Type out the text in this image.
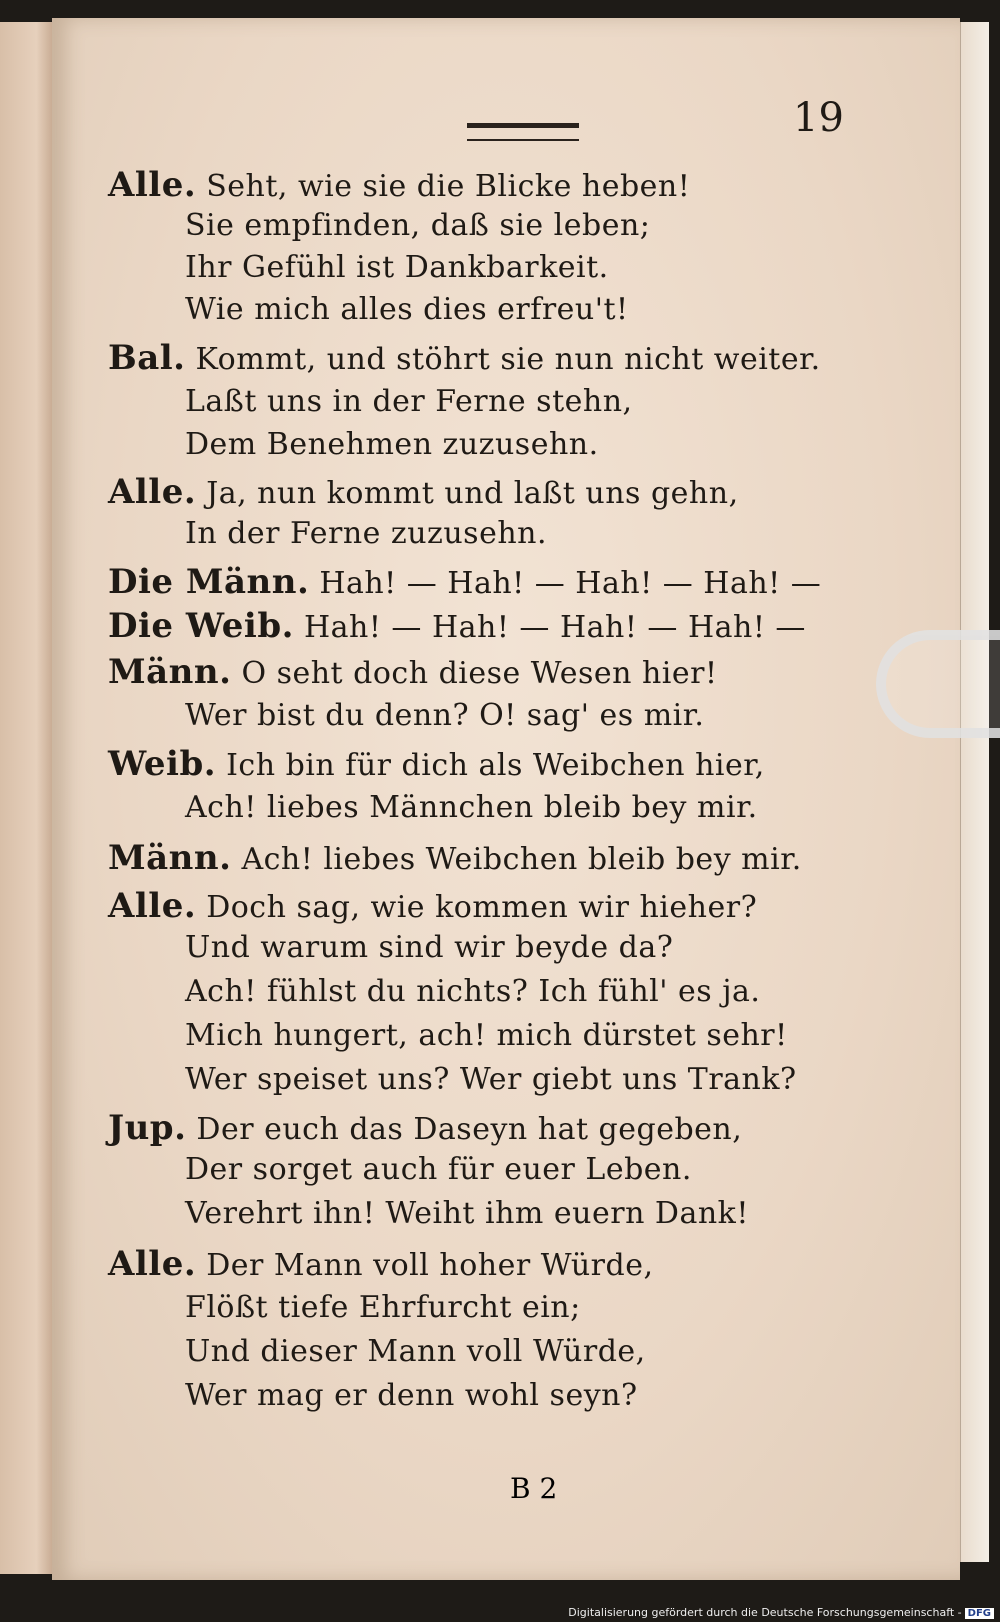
19
Alle. Seht, wie sie die Blicke heben!
Sie empfinden, daß sie leben;
Ihr Gefühl ist Dankbarkeit.
Wie mich alles dies erfreu't!
Bal. Kommt, und stöhrt sie nun nicht weiter.
Laßt uns in der Ferne stehn,
Dem Benehmen zuzusehn.
Alle. Ja, nun kommt und laßt uns gehn,
In der Ferne zuzusehn.
Die Männ. Hah! — Hah! — Hah! — Hah! —
Die Weib. Hah! — Hah! — Hah! — Hah! —
Männ. O seht doch diese Wesen hier!
Wer bist du denn? O! sag' es mir.
Weib. Ich bin für dich als Weibchen hier,
Ach! liebes Männchen bleib bey mir.
Männ. Ach! liebes Weibchen bleib bey mir.
Alle. Doch sag, wie kommen wir hieher?
Und warum sind wir beyde da?
Ach! fühlst du nichts? Ich fühl' es ja.
Mich hungert, ach! mich dürstet sehr!
Wer speiset uns? Wer giebt uns Trank?
Jup. Der euch das Daseyn hat gegeben,
Der sorget auch für euer Leben.
Verehrt ihn! Weiht ihm euern Dank!
Alle. Der Mann voll hoher Würde,
Flößt tiefe Ehrfurcht ein;
Und dieser Mann voll Würde,
Wer mag er denn wohl seyn?
B 2
Digitalisierung gefördert durch die Deutsche Forschungsgemeinschaft - DFG
